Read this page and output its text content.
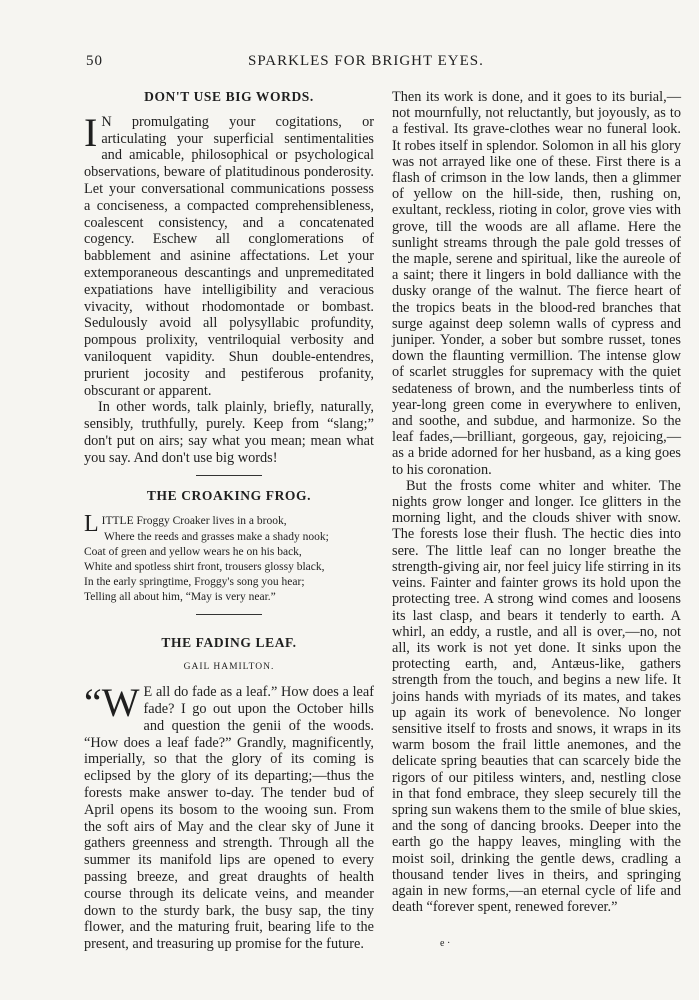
50	SPARKLES FOR BRIGHT EYES.
DON'T USE BIG WORDS.

I N promulgating your cogitations, or articulating your superficial sentimentalities and amicable, philosophical or psychological observations, beware of platitudinous ponderosity. Let your conversational communications possess a conciseness, a compacted comprehensibleness, coalescent consistency, and a concatenated cogency. Eschew all conglomerations of babblement and asinine affectations. Let your extemporaneous descantings and unpremeditated expatiations have intelligibility and veracious vivacity, without rhodomontade or bombast. Sedulously avoid all polysyllabic profundity, pompous prolixity, ventriloquial verbosity and vaniloquent vapidity. Shun double-entendres, prurient jocosity and pestiferous profanity, obscurant or apparent.

In other words, talk plainly, briefly, naturally, sensibly, truthfully, purely. Keep from “slang;” don't put on airs; say what you mean; mean what you say. And don't use big words!

THE CROAKING FROG.
L ITTLE Froggy Croaker lives in a brook,
Where the reeds and grasses make a shady nook;
Coat of green and yellow wears he on his back,
White and spotless shirt front, trousers glossy black,
In the early springtime, Froggy's song you hear;
Telling all about him, “May is very near.”
THE FADING LEAF.
GAIL HAMILTON.

“W E all do fade as a leaf.” How does a leaf fade? I go out upon the October hills and question the genii of the woods. “How does a leaf fade?” Grandly, magnificently, imperially, so that the glory of its coming is eclipsed by the glory of its departing;—thus the forests make answer to-day. The tender bud of April opens its bosom to the wooing sun. From the soft airs of May and the clear sky of June it gathers greenness and strength. Through all the summer its manifold lips are opened to every passing breeze, and great draughts of health course through its delicate veins, and meander down to the sturdy bark, the busy sap, the tiny flower, and the maturing fruit, bearing life to the present, and treasuring up promise for the future.

Then its work is done, and it goes to its burial,—not mournfully, not reluctantly, but joyously, as to a festival. Its grave-clothes wear no funeral look. It robes itself in splendor. Solomon in all his glory was not arrayed like one of these. First there is a flash of crimson in the low lands, then a glimmer of yellow on the hill-side, then, rushing on, exultant, reckless, rioting in color, grove vies with grove, till the woods are all aflame. Here the sunlight streams through the pale gold tresses of the maple, serene and spiritual, like the aureole of a saint; there it lingers in bold dalliance with the dusky orange of the walnut. The fierce heart of the tropics beats in the blood-red branches that surge against deep solemn walls of cypress and juniper. Yonder, a sober but sombre russet, tones down the flaunting vermillion. The intense glow of scarlet struggles for supremacy with the quiet sedateness of brown, and the numberless tints of year-long green come in everywhere to enliven, and soothe, and subdue, and harmonize. So the leaf fades,—brilliant, gorgeous, gay, rejoicing,—as a bride adorned for her husband, as a king goes to his coronation.

But the frosts come whiter and whiter. The nights grow longer and longer. Ice glitters in the morning light, and the clouds shiver with snow. The forests lose their flush. The hectic dies into sere. The little leaf can no longer breathe the strength-giving air, nor feel juicy life stirring in its veins. Fainter and fainter grows its hold upon the protecting tree. A strong wind comes and loosens its last clasp, and bears it tenderly to earth. A whirl, an eddy, a rustle, and all is over,—no, not all, its work is not yet done. It sinks upon the protecting earth, and, Antæus-like, gathers strength from the touch, and begins a new life. It joins hands with myriads of its mates, and takes up again its work of benevolence. No longer sensitive itself to frosts and snows, it wraps in its warm bosom the frail little anemones, and the delicate spring beauties that can scarcely bide the rigors of our pitiless winters, and, nestling close in that fond embrace, they sleep securely till the spring sun wakens them to the smile of blue skies, and the song of dancing brooks. Deeper into the earth go the happy leaves, mingling with the moist soil, drinking the gentle dews, cradling a thousand tender lives in theirs, and springing again in new forms,—an eternal cycle of life and death “forever spent, renewed forever.”

e ·
